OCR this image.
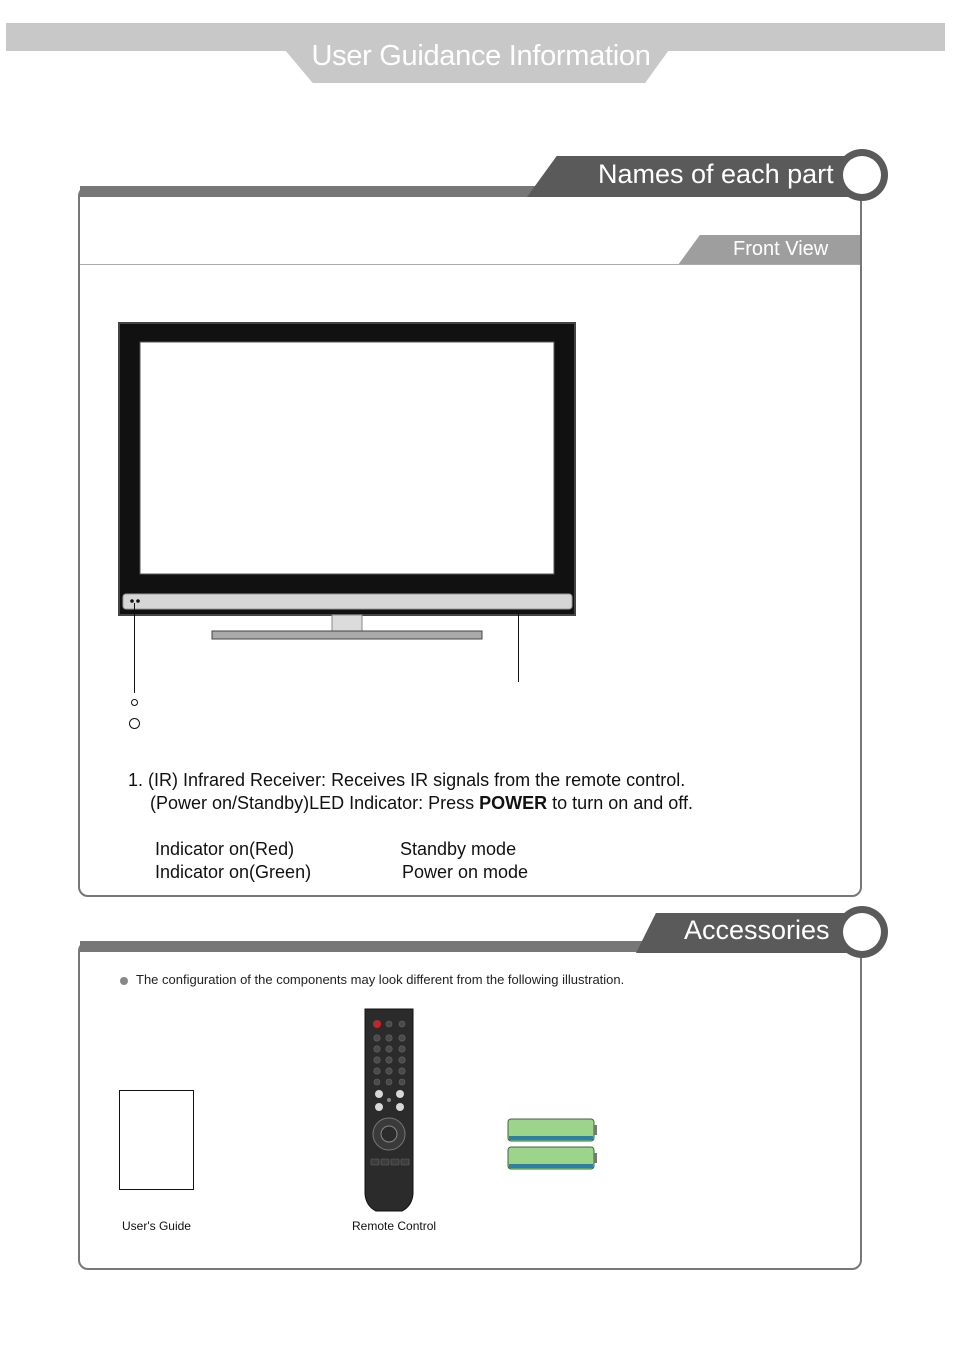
User Guidance Information
Names of each part
Front View
1. (IR) Infrared Receiver: Receives IR signals from the remote control.
(Power on/Standby)LED Indicator: Press POWER to turn on and off.
Indicator on(Red)	Standby mode
Indicator on(Green)	Power on mode
Accessories
The configuration of the components may look different from the following illustration.
User's Guide	Remote Control
